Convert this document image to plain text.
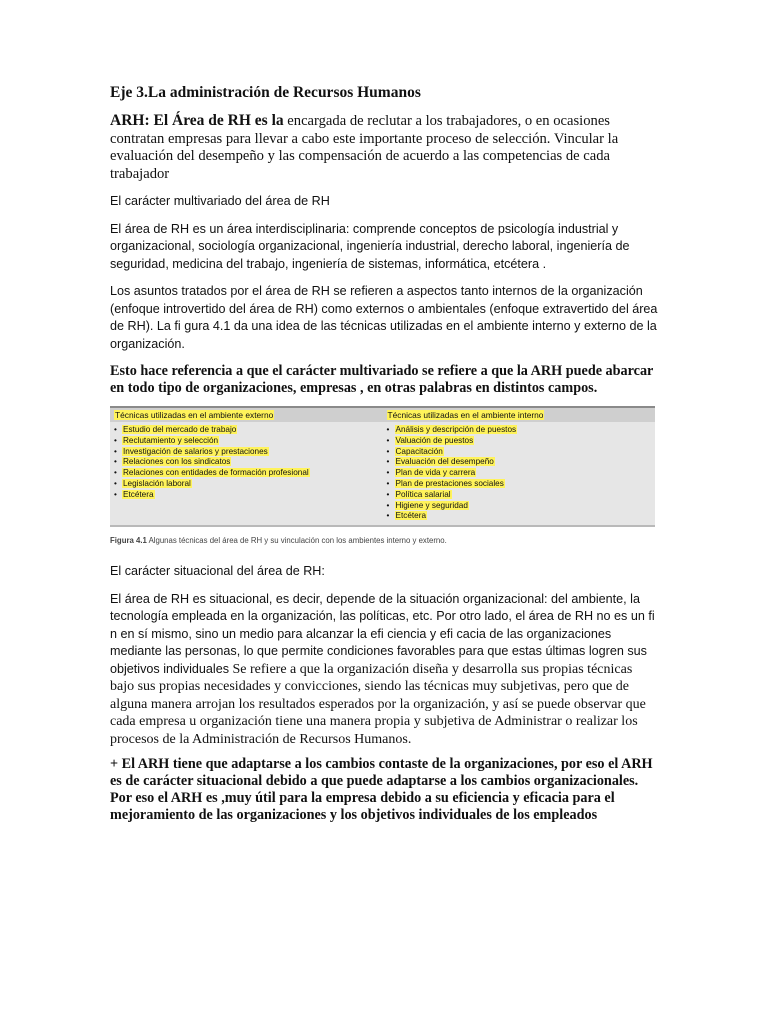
Eje 3.La administración de Recursos Humanos

ARH: El Área de RH es la encargada de reclutar a los trabajadores, o en ocasiones contratan empresas para llevar a cabo este importante proceso de selección. Vincular la evaluación del desempeño y las compensación de acuerdo a las competencias de cada trabajador

El carácter multivariado del área de RH

El área de RH es un área interdisciplinaria: comprende conceptos de psicología industrial y organizacional, sociología organizacional, ingeniería industrial, derecho laboral, ingeniería de seguridad, medicina del trabajo, ingeniería de sistemas, informática, etcétera .

Los asuntos tratados por el área de RH se refieren a aspectos tanto internos de la organización (enfoque introvertido del área de RH) como externos o ambientales (enfoque extravertido del área de RH). La fi gura 4.1 da una idea de las técnicas utilizadas en el ambiente interno y externo de la organización.

Esto hace referencia a que el carácter multivariado se refiere a que la ARH puede abarcar en todo tipo de organizaciones, empresas , en otras palabras en distintos campos.

Técnicas utilizadas en el ambiente externo
• Estudio del mercado de trabajo
• Reclutamiento y selección
• Investigación de salarios y prestaciones
• Relaciones con los sindicatos
• Relaciones con entidades de formación profesional
• Legislación laboral
• Etcétera
Técnicas utilizadas en el ambiente interno
• Análisis y descripción de puestos
• Valuación de puestos
• Capacitación
• Evaluación del desempeño
• Plan de vida y carrera
• Plan de prestaciones sociales
• Política salarial
• Higiene y seguridad
• Etcétera
Figura 4.1 Algunas técnicas del área de RH y su vinculación con los ambientes interno y externo.

El carácter situacional del área de RH:

El área de RH es situacional, es decir, depende de la situación organizacional: del ambiente, la tecnología empleada en la organización, las políticas, etc. Por otro lado, el área de RH no es un fi n en sí mismo, sino un medio para alcanzar la efi ciencia y efi cacia de las organizaciones mediante las personas, lo que permite condiciones favorables para que estas últimas logren sus objetivos individuales Se refiere a que la organización diseña y desarrolla sus propias técnicas bajo sus propias necesidades y convicciones, siendo las técnicas muy subjetivas, pero que de alguna manera arrojan los resultados esperados por la organización, y así se puede observar que cada empresa u organización tiene una manera propia y subjetiva de Administrar o realizar los procesos de la Administración de Recursos Humanos.

+ El ARH tiene que adaptarse a los cambios contaste de la organizaciones, por eso el ARH es de carácter situacional debido a que puede adaptarse a los cambios organizacionales. Por eso el ARH es ,muy útil para la empresa debido a su eficiencia y eficacia para el mejoramiento de las organizaciones y los objetivos individuales de los empleados
